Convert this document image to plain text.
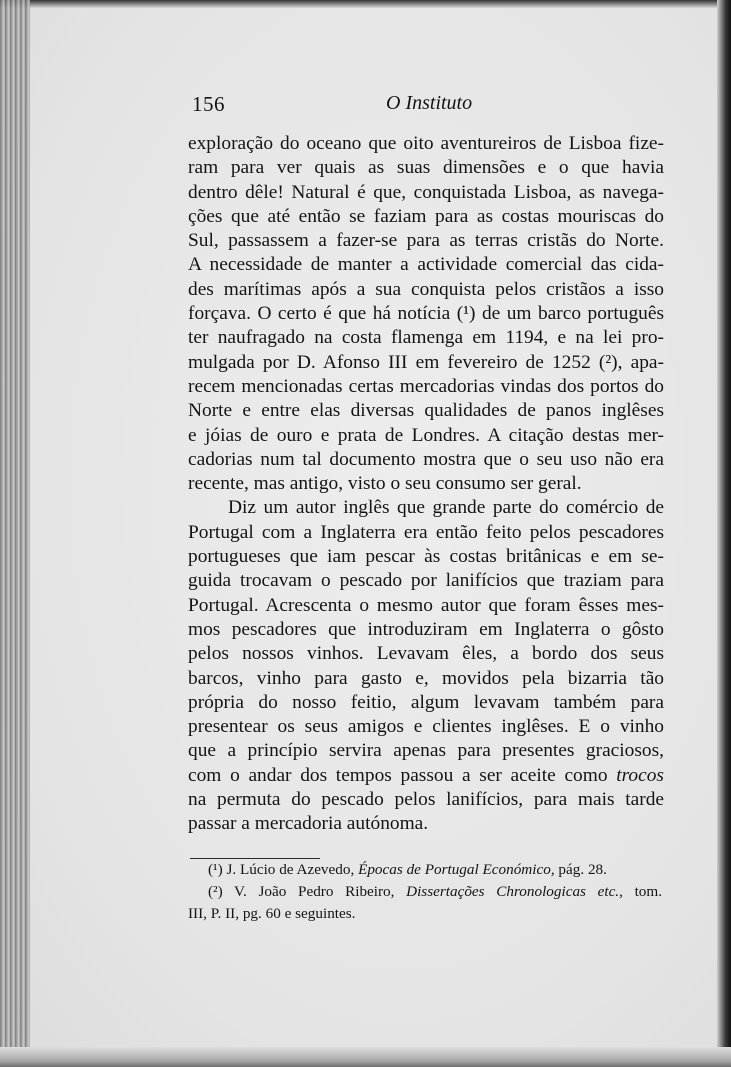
156	O Instituto
exploração do oceano que oito aventureiros de Lisboa fize-
ram para ver quais as suas dimensões e o que havia
dentro dêle! Natural é que, conquistada Lisboa, as navega-
ções que até então se faziam para as costas mouriscas do
Sul, passassem a fazer-se para as terras cristãs do Norte.
A necessidade de manter a actividade comercial das cida-
des marítimas após a sua conquista pelos cristãos a isso
forçava. O certo é que há notícia (¹) de um barco português
ter naufragado na costa flamenga em 1194, e na lei pro-
mulgada por D. Afonso III em fevereiro de 1252 (²), apa-
recem mencionadas certas mercadorias vindas dos portos do
Norte e entre elas diversas qualidades de panos inglêses
e jóias de ouro e prata de Londres. A citação destas mer-
cadorias num tal documento mostra que o seu uso não era
recente, mas antigo, visto o seu consumo ser geral.
Diz um autor inglês que grande parte do comércio de
Portugal com a Inglaterra era então feito pelos pescadores
portugueses que iam pescar às costas britânicas e em se-
guida trocavam o pescado por lanifícios que traziam para
Portugal. Acrescenta o mesmo autor que foram êsses mes-
mos pescadores que introduziram em Inglaterra o gôsto
pelos nossos vinhos. Levavam êles, a bordo dos seus
barcos, vinho para gasto e, movidos pela bizarria tão
própria do nosso feitio, algum levavam também para
presentear os seus amigos e clientes inglêses. E o vinho
que a princípio servira apenas para presentes graciosos,
com o andar dos tempos passou a ser aceite como trocos
na permuta do pescado pelos lanifícios, para mais tarde
passar a mercadoria autónoma.
(¹) J. Lúcio de Azevedo, Épocas de Portugal Económico, pág. 28.
(²) V. João Pedro Ribeiro, Dissertações Chronologicas etc., tom.
III, P. II, pg. 60 e seguintes.
